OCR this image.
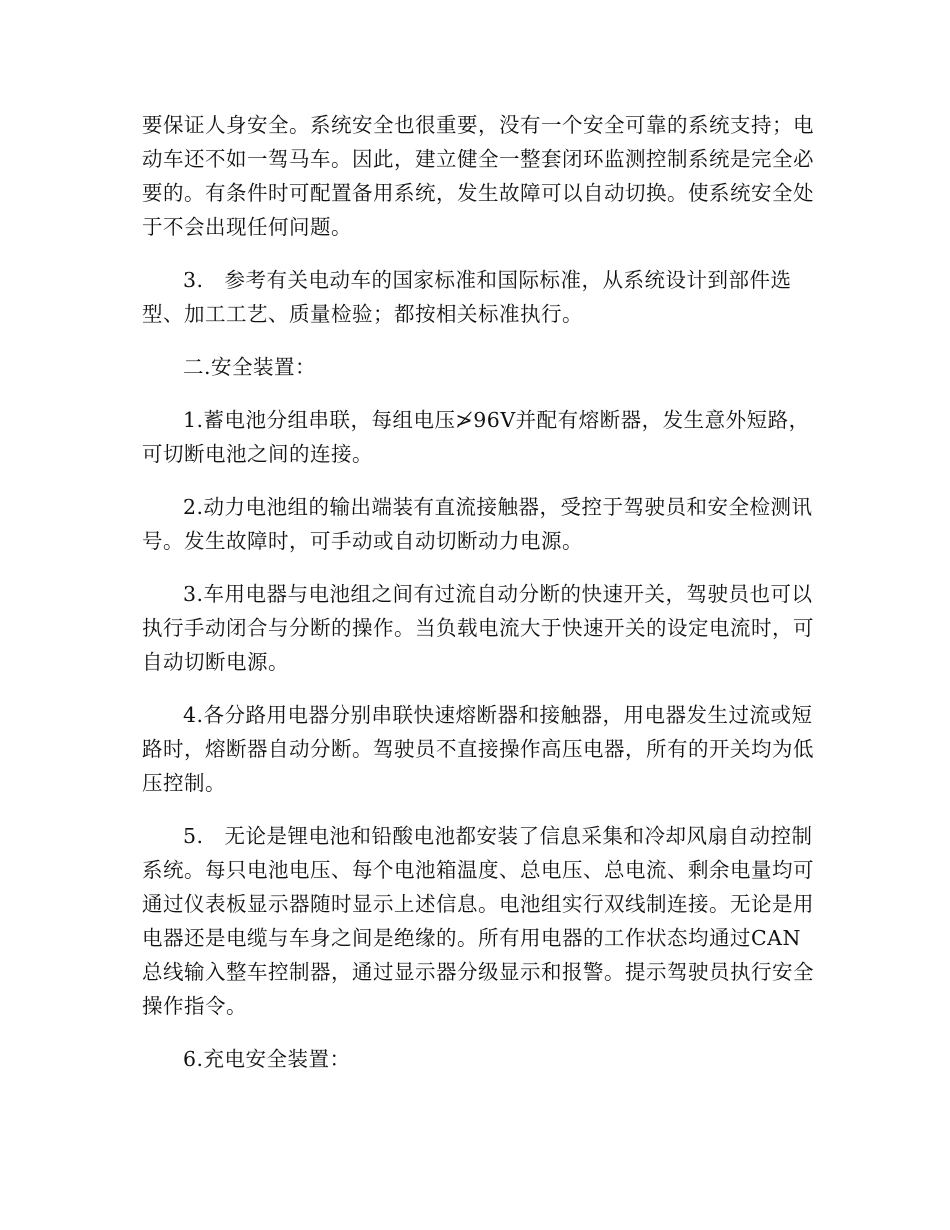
要保证人身安全。系统安全也很重要，没有一个安全可靠的系统支持；电动车还不如一驾马车。因此，建立健全一整套闭环监测控制系统是完全必要的。有条件时可配置备用系统，发生故障可以自动切换。使系统安全处于不会出现任何问题。

3.　参考有关电动车的国家标准和国际标准，从系统设计到部件选型、加工工艺、质量检验；都按相关标准执行。

二.安全装置：

1.蓄电池分组串联，每组电压≯96V并配有熔断器，发生意外短路，可切断电池之间的连接。

2.动力电池组的输出端装有直流接触器，受控于驾驶员和安全检测讯号。发生故障时，可手动或自动切断动力电源。

3.车用电器与电池组之间有过流自动分断的快速开关，驾驶员也可以执行手动闭合与分断的操作。当负载电流大于快速开关的设定电流时，可自动切断电源。

4.各分路用电器分别串联快速熔断器和接触器，用电器发生过流或短路时，熔断器自动分断。驾驶员不直接操作高压电器，所有的开关均为低压控制。

5.　无论是锂电池和铅酸电池都安装了信息采集和冷却风扇自动控制系统。每只电池电压、每个电池箱温度、总电压、总电流、剩余电量均可通过仪表板显示器随时显示上述信息。电池组实行双线制连接。无论是用电器还是电缆与车身之间是绝缘的。所有用电器的工作状态均通过CAN总线输入整车控制器，通过显示器分级显示和报警。提示驾驶员执行安全操作指令。

6.充电安全装置：
